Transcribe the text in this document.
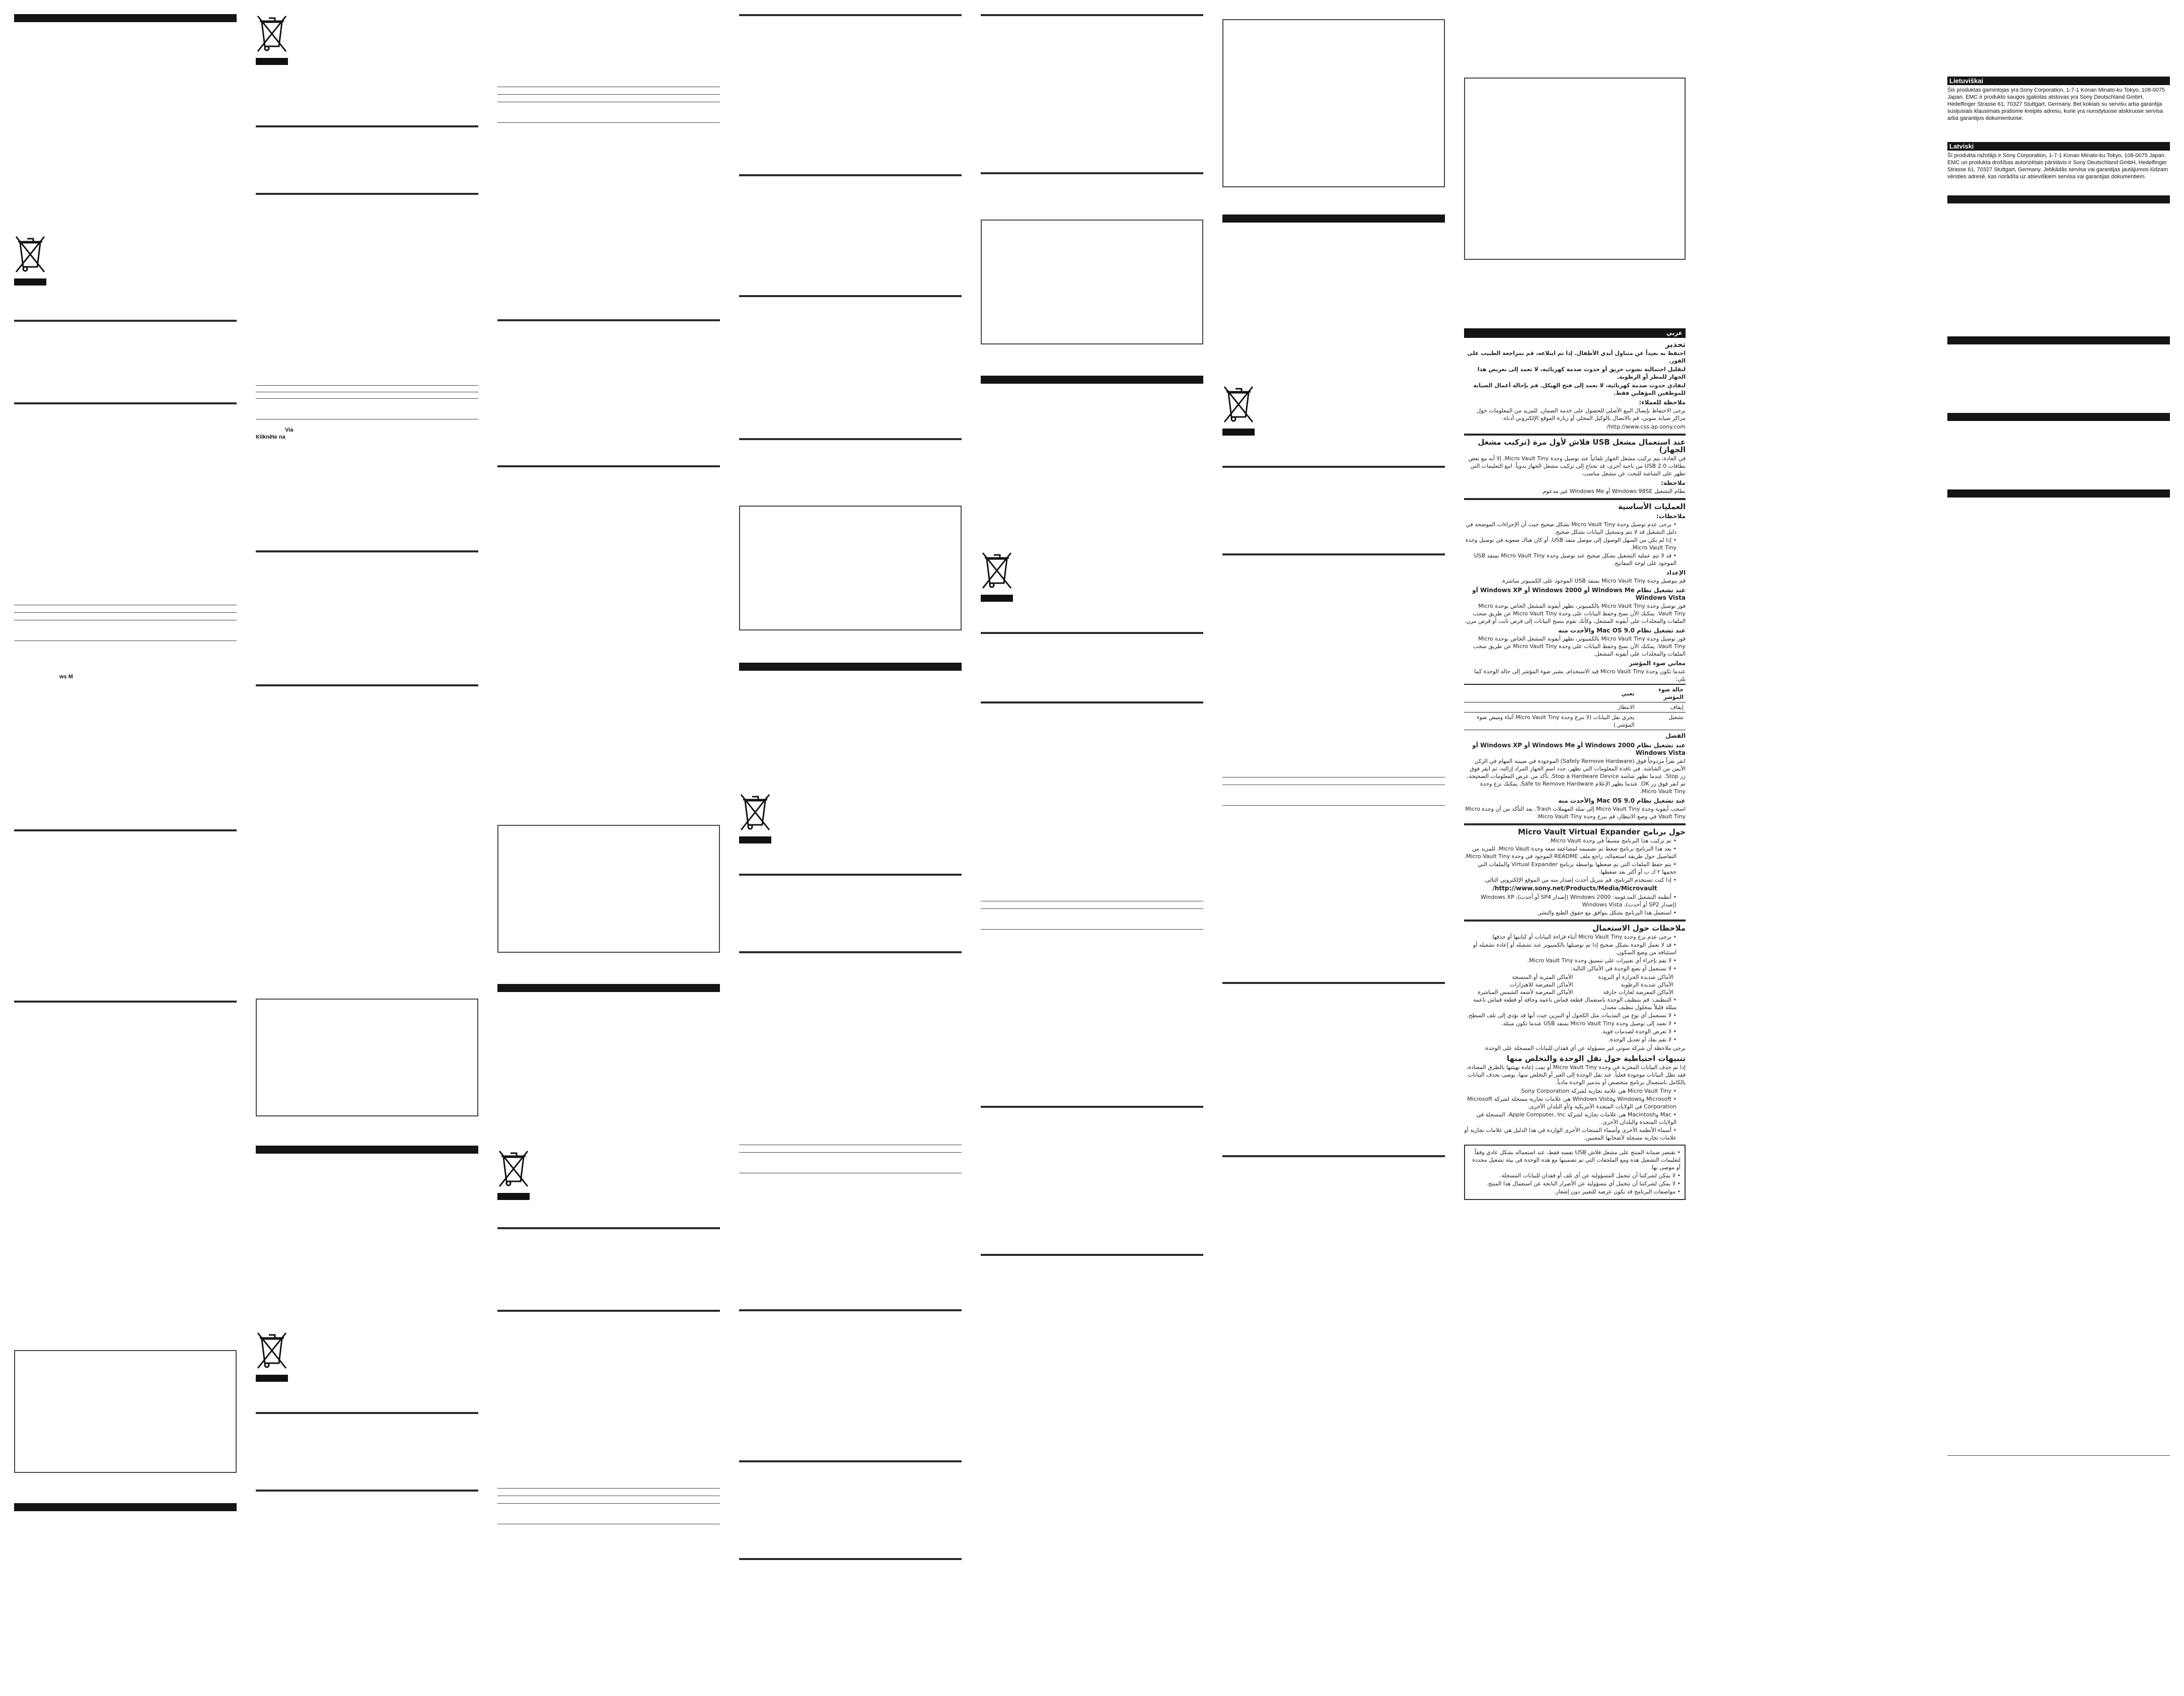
ws M
Via
Klikněte na
عربي
تحذير

احتفظ به بعيداً عن متناول أيدي الأطفال. إذا تم ابتلاعه، قم بمراجعة الطبيب على الفور.

لتقليل احتمالية نشوب حريق أو حدوث صدمة كهربائية، لا تعمد إلى تعريض هذا الجهاز للمطر أو الرطوبة.

لتفادي حدوث صدمة كهربائية، لا تعمد إلى فتح الهيكل. قم بإحالة أعمال الصيانة للموظفين المؤهلين فقط.

ملاحظة للعملاء:

يرجى الاحتفاظ بإيصال البيع الأصلي للحصول على خدمة الضمان. للمزيد من المعلومات حول مراكز صيانة سوني، قم بالاتصال بالوكيل المحلي أو زيارة الموقع الإلكتروني أدناه.

http://www.css.ap.sony.com/

عند استعمال مشغل USB فلاش لأول مرة (تركيب مشغل الجهاز)

في العادة، يتم تركيب مشغل الجهاز تلقائياً عند توصيل وحدة Micro Vault Tiny. إلا أنه مع بعض بطاقات USB 2.0 من ناحية أخرى، قد تحتاج إلى تركيب مشغل الجهاز يدوياً. اتبع التعليمات التي تظهر على الشاشة للبحث عن مشغل مناسب.

ملاحظة:

نظام التشغيل Windows 98SE أو Windows Me غير مدعوم.

العمليات الأساسية
ملاحظات:
• يرجى عدم توصيل وحدة Micro Vault Tiny بشكل صحيح حيث أن الإجراءات الموضحة في دليل التشغيل قد لا تتم وتسجيل البيانات بشكل صحيح.
• إذا لم يكن من السهل الوصول إلى موصل منفذ USB، أو كان هناك صعوبة في توصيل وحدة Micro Vault Tiny.
• قد لا تتم عملية التشغيل بشكل صحيح عند توصيل وحدة Micro Vault Tiny بمنفذ USB الموجود على لوحة المفاتيح.
الإعداد

قم بتوصيل وحدة Micro Vault Tiny بمنفذ USB الموجود على الكمبيوتر مباشرة.

عند تشغيل نظام Windows Me أو Windows 2000 أو Windows XP أو Windows Vista

فور توصيل وحدة Micro Vault Tiny بالكمبيوتر، تظهر أيقونة المشغل الخاص بوحدة Micro Vault Tiny. يمكنك الآن نسخ وحفظ البيانات على وحدة Micro Vault Tiny عن طريق سحب الملفات والمجلدات على أيقونة المشغل، وكأنك تقوم بنسخ البيانات إلى قرص ثابت أو قرص مرن.

عند تشغيل نظام Mac OS 9.0 والأحدث منه

فور توصيل وحدة Micro Vault Tiny بالكمبيوتر، تظهر أيقونة المشغل الخاص بوحدة Micro Vault Tiny. يمكنك الآن نسخ وحفظ البيانات على وحدة Micro Vault Tiny عن طريق سحب الملفات والمجلدات على أيقونة المشغل.

معاني ضوء المؤشر

عندما تكون وحدة Micro Vault Tiny قيد الاستخدام، يشير ضوء المؤشر إلى حالة الوحدة كما يلي:

حالة ضوء المؤشر	تعني
إيقاف	الانتظار
تشغيل	يجري نقل البيانات (لا تنزع وحدة Micro Vault Tiny أثناء وميض ضوء المؤشر.)
الفصل
عند تشغيل نظام Windows 2000 أو Windows Me أو Windows XP أو Windows Vista

انقر نقراً مزدوجاً فوق (Safely Remove Hardware) الموجودة في صينية المهام في الركن الأيمن من الشاشة. في نافذة المعلومات التي تظهر، حدد اسم الجهاز المراد إزالته، ثم انقر فوق زر Stop. عندما تظهر شاشة Stop a Hardware Device، تأكد من عرض المعلومات الصحيحة، ثم انقر فوق زر OK. عندما يظهر الإعلام Safe to Remove Hardware، يمكنك نزع وحدة Micro Vault Tiny.

عند تشغيل نظام Mac OS 9.0 والأحدث منه

اسحب أيقونة وحدة Micro Vault Tiny إلى سلة المهملات Trash. بعد التأكد من أن وحدة Micro Vault Tiny في وضع الانتظار، قم بنزع وحدة Micro Vault Tiny.

حول برنامج Micro Vault Virtual Expander
• تم تركيب هذا البرنامج مسبقاً في وحدة Micro Vault.
• يعد هذا البرنامج برنامج ضغط تم تصميمه لمضاعفة سعة وحدة Micro Vault. للمزيد من التفاصيل حول طريقة استعماله، راجع ملف README الموجود في وحدة Micro Vault Tiny.
• يتم حفظ الملفات التي تم ضغطها بواسطة برنامج Virtual Expander والملفات التي حجمها ٢ ك ب أو أكثر بعد ضغطها.
• إذا كنت تستخدم البرنامج، قم بتنزيل أحدث إصدار منه من الموقع الإلكتروني التالي.

http://www.sony.net/Products/Media/Microvault/

• أنظمة التشغيل المدعومة: Windows 2000 (إصدار SP4 أو أحدث)، Windows XP (إصدار SP2 أو أحدث)، Windows Vista
• استعمل هذا البرنامج بشكل يتوافق مع حقوق الطبع والنشر.
ملاحظات حول الاستعمال
• يرجى عدم نزع وحدة Micro Vault Tiny أثناء قراءة البيانات أو كتابتها أو حذفها.
• قد لا تعمل الوحدة بشكل صحيح إذا تم توصيلها بالكمبيوتر عند تشغيله أو إعادة تشغيله أو استئنافه من وضع السكون.
• لا تقم بإجراء أي تغييرات على تنسيق وحدة Micro Vault Tiny.
• لا تستعمل أو تضع الوحدة في الأماكن التالية:
الأماكن شديدة الحرارة أو البرودة
الأماكن المتربة أو المتسخة
الأماكن شديدة الرطوبة
الأماكن المعرضة للاهتزازات
الأماكن المعرضة لغازات حارقة
الأماكن المعرضة لأشعة الشمس المباشرة
• التنظيف: قم بتنظيف الوحدة باستعمال قطعة قماش ناعمة وجافة أو قطعة قماش ناعمة مبللة قليلاً بمحلول تنظيف معتدل.
• لا تستعمل أي نوع من المذيبات مثل الكحول أو البنزين حيث أنها قد تؤدي إلى تلف السطح.
• لا تعمد إلى توصيل وحدة Micro Vault Tiny بمنفذ USB عندما تكون مبتلة.
• لا تعرض الوحدة لصدمات قوية.
• لا تقم بفك أو تعديل الوحدة.

يرجى ملاحظة أن شركة سوني غير مسؤولة عن أي فقدان للبيانات المسجلة على الوحدة.

تنبيهات احتياطية حول نقل الوحدة والتخلص منها

إذا تم حذف البيانات المخزنة في وحدة Micro Vault Tiny أو تمت إعادة تهيئتها بالطرق المعتادة، فقد تظل البيانات موجودة فعلياً. عند نقل الوحدة إلى الغير أو التخلص منها، يوصى بحذف البيانات بالكامل باستعمال برنامج متخصص أو بتدمير الوحدة مادياً.

• Micro Vault Tiny هي علامة تجارية لشركة Sony Corporation.
• Microsoft وWindows وWindows Vista هي علامات تجارية مسجلة لشركة Microsoft Corporation في الولايات المتحدة الأمريكية و/أو البلدان الأخرى.
• Mac وMacintosh هي علامات تجارية لشركة Apple Computer, Inc. المسجلة في الولايات المتحدة والبلدان الأخرى.
• أسماء الأنظمة الأخرى وأسماء المنتجات الأخرى الواردة في هذا الدليل هي علامات تجارية أو علامات تجارية مسجلة لأصحابها المعنيين.
• تقتصر ضمانة المنتج على مشغل فلاش USB نفسه فقط، عند استعماله بشكل عادي وفقاً لتعليمات التشغيل هذه ومع الملحقات التي تم تضمينها مع هذه الوحدة في بيئة تشغيل محددة أو موصى بها.
• لا يمكن لشركتنا أن تتحمل المسؤولية عن أي تلف أو فقدان للبيانات المسجلة.
• لا يمكن لشركتنا أن تتحمل أي مسؤولية عن الأضرار الناتجة عن استعمال هذا المنتج.
• مواصفات البرنامج قد تكون عرضة للتغيير دون إشعار.
Lietuviškai

Šis produktas gamintojas yra Sony Corporation, 1-7-1 Konan Minato-ku Tokyo, 108-0075 Japan. EMC ir produkto saugos įgaliotas atstovas yra Sony Deutschland GmbH, Hedelfinger Strasse 61, 70327 Stuttgart, Germany. Bet kokiais su servisu arba garantija susijusiais klausimais prašome kreiptis adresu, kurie yra nurodytuose atskiruose servisa arba garantijos dokumentuose.

Latviski

Šī produkta ražotājs ir Sony Corporation, 1-7-1 Konan Minato-ku Tokyo, 108-0075 Japan. EMC un produkta drošības autorizētais pārstāvis ir Sony Deutschland GmbH, Hedelfinger Strasse 61, 70327 Stuttgart, Germany. Jebkādās servisa vai garantijas jautājumos lūdzam vērsties adresē, kas norādīta uz atsevišķiem servisa vai garantijas dokumentiem.
